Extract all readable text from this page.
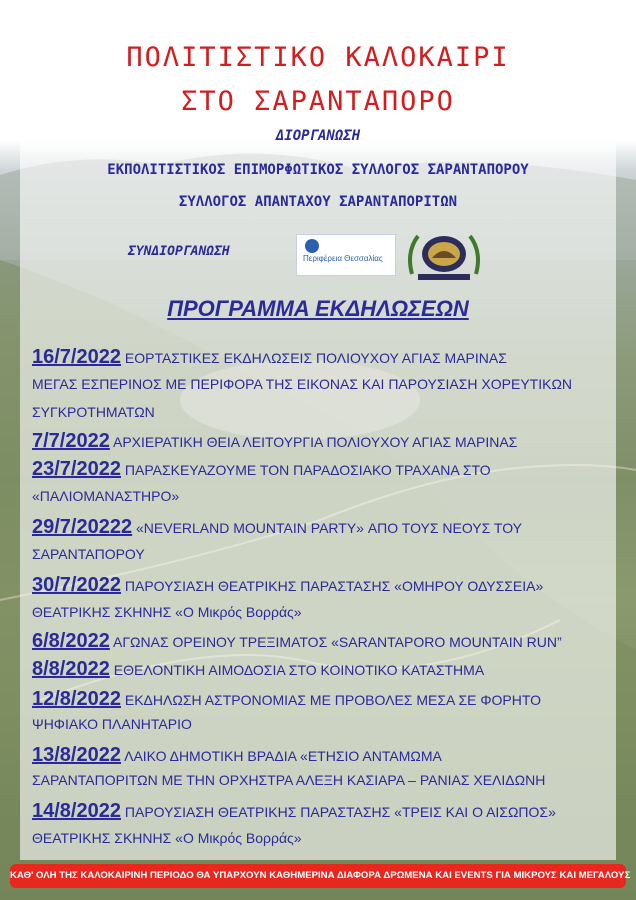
ΠΟΛΙΤΙΣΤΙΚΟ ΚΑΛΟΚΑΙΡΙ
ΣΤΟ ΣΑΡΑΝΤΑΠΟΡΟ
ΔΙΟΡΓΑΝΩΣΗ
ΕΚΠΟΛΙΤΙΣΤΙΚΟΣ ΕΠΙΜΟΡΦΩΤΙΚΟΣ ΣΥΛΛΟΓΟΣ ΣΑΡΑΝΤΑΠΟΡΟΥ
ΣΥΛΛΟΓΟΣ ΑΠΑΝΤΑΧΟΥ ΣΑΡΑΝΤΑΠΟΡΙΤΩΝ
ΣΥΝΔΙΟΡΓΑΝΩΣΗ	Περιφέρεια Θεσσαλίας
ΠΡΟΓΡΑΜΜΑ ΕΚΔΗΛΩΣΕΩΝ
16/7/2022 ΕΟΡΤΑΣΤΙΚΕΣ ΕΚΔΗΛΩΣΕΙΣ ΠΟΛΙΟΥΧΟΥ ΑΓΙΑΣ ΜΑΡΙΝΑΣ
ΜΕΓΑΣ ΕΣΠΕΡΙΝΟΣ ΜΕ ΠΕΡΙΦΟΡΑ ΤΗΣ ΕΙΚΟΝΑΣ ΚΑΙ ΠΑΡΟΥΣΙΑΣΗ ΧΟΡΕΥΤΙΚΩΝ
ΣΥΓΚΡΟΤΗΜΑΤΩΝ
7/7/2022 ΑΡΧΙΕΡΑΤΙΚΗ ΘΕΙΑ ΛΕΙΤΟΥΡΓΙΑ ΠΟΛΙΟΥΧΟΥ ΑΓΙΑΣ ΜΑΡΙΝΑΣ
23/7/2022 ΠΑΡΑΣΚΕΥΑΖΟΥΜΕ ΤΟΝ ΠΑΡΑΔΟΣΙΑΚΟ ΤΡΑΧΑΝΑ ΣΤΟ
«ΠΑΛΙΟΜΑΝΑΣΤΗΡΟ»
29/7/20222 «NEVERLAND MOUNTAIN PARTY» ΑΠΟ ΤΟΥΣ ΝΕΟΥΣ ΤΟΥ
ΣΑΡΑΝΤΑΠΟΡΟΥ
30/7/2022 ΠΑΡΟΥΣΙΑΣΗ ΘΕΑΤΡΙΚΗΣ ΠΑΡΑΣΤΑΣΗΣ «ΟΜΗΡΟΥ ΟΔΥΣΣΕΙΑ»
ΘΕΑΤΡΙΚΗΣ ΣΚΗΝΗΣ «Ο Μικρός Βορράς»
6/8/2022 ΑΓΩΝΑΣ ΟΡΕΙΝΟΥ ΤΡΕΞΙΜΑΤΟΣ «SARANTAPORO MOUNTAIN RUN”
8/8/2022 ΕΘΕΛΟΝΤΙΚΗ ΑΙΜΟΔΟΣΙΑ ΣΤΟ ΚΟΙΝΟΤΙΚΟ ΚΑΤΑΣΤΗΜΑ
12/8/2022 ΕΚΔΗΛΩΣΗ ΑΣΤΡΟΝΟΜΙΑΣ ΜΕ ΠΡΟΒΟΛΕΣ ΜΕΣΑ ΣΕ ΦΟΡΗΤΟ
ΨΗΦΙΑΚΟ ΠΛΑΝΗΤΑΡΙΟ
13/8/2022 ΛΑΙΚΟ ΔΗΜΟΤΙΚΗ ΒΡΑΔΙΑ «ΕΤΗΣΙΟ ΑΝΤΑΜΩΜΑ
ΣΑΡΑΝΤΑΠΟΡΙΤΩΝ ΜΕ ΤΗΝ ΟΡΧΗΣΤΡΑ ΑΛΕΞΗ ΚΑΣΙΑΡΑ – ΡΑΝΙΑΣ ΧΕΛΙΔΩΝΗ
14/8/2022 ΠΑΡΟΥΣΙΑΣΗ ΘΕΑΤΡΙΚΗΣ ΠΑΡΑΣΤΑΣΗΣ «ΤΡΕΙΣ ΚΑΙ Ο ΑΙΣΩΠΟΣ»
ΘΕΑΤΡΙΚΗΣ ΣΚΗΝΗΣ «Ο Μικρός Βορράς»
ΚΑΘ' ΟΛΗ ΤΗΣ ΚΑΛΟΚΑΙΡΙΝΗ ΠΕΡΙΟΔΟ ΘΑ ΥΠΑΡΧΟΥΝ ΚΑΘΗΜΕΡΙΝΑ ΔΙΑΦΟΡΑ ΔΡΩΜΕΝΑ ΚΑΙ EVENTS ΓΙΑ ΜΙΚΡΟΥΣ ΚΑΙ ΜΕΓΑΛΟΥΣ
